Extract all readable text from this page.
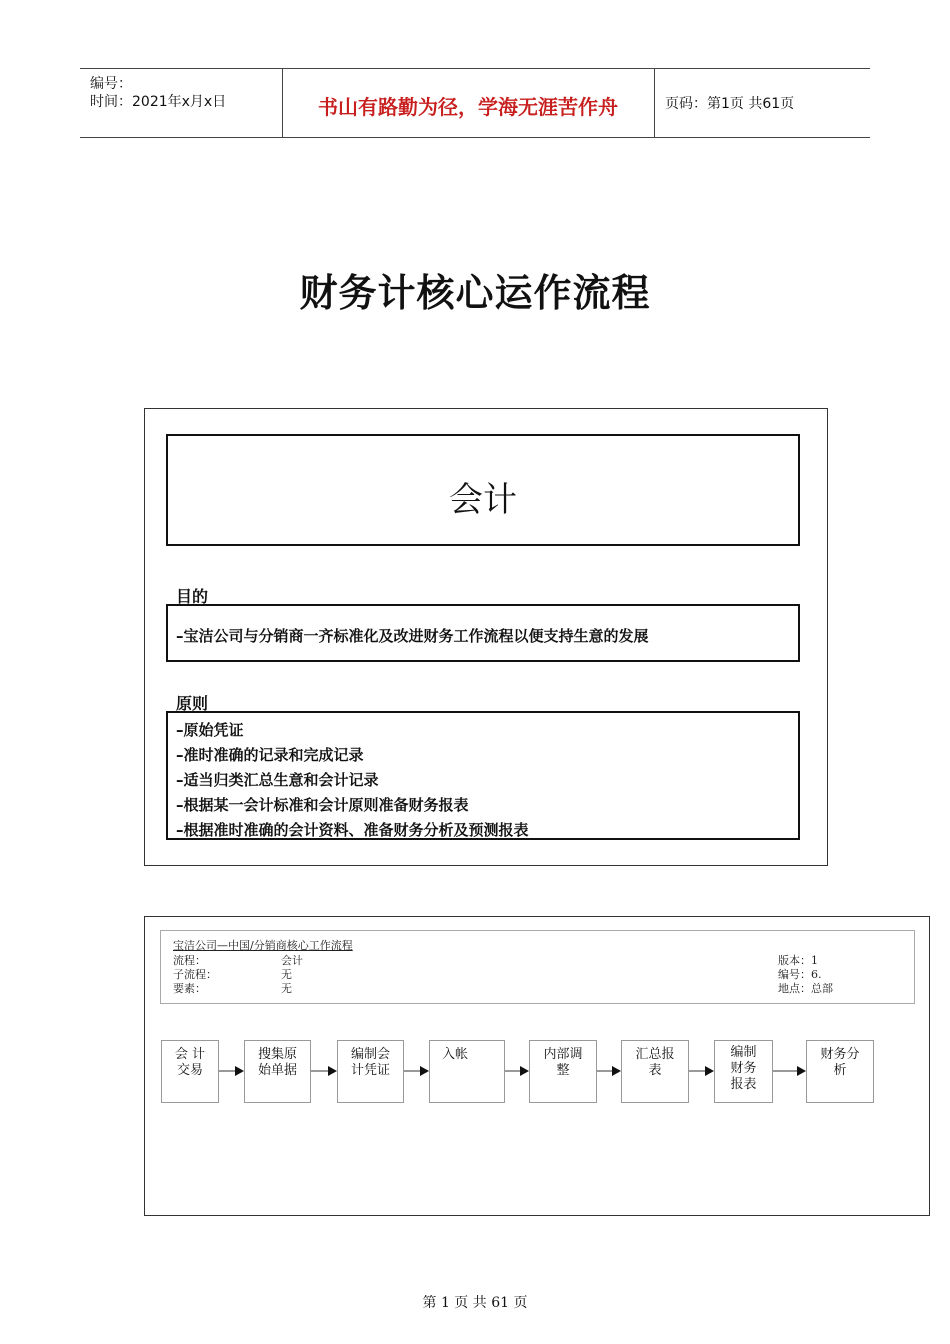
编号：
时间：2021年x月x日	书山有路勤为径，学海无涯苦作舟	页码：第1页 共61页
财务计核心运作流程
会计
目的
–宝洁公司与分销商一齐标准化及改进财务工作流程以便支持生意的发展
原则
–原始凭证
–准时准确的记录和完成记录
–适当归类汇总生意和会计记录
–根据某一会计标准和会计原则准备财务报表
–根据准时准确的会计资料、准备财务分析及预测报表
宝洁公司—中国/分销商核心工作流程
流程：	会计
子流程：	无
要素：	无
版本：1
编号：6.
地点：总部
会 计
交易
搜集原
始单据
编制会
计凭证
入帐	内部调
整
汇总报
表
编制
财务
报表
财务分
析
第 1 页 共 61 页
